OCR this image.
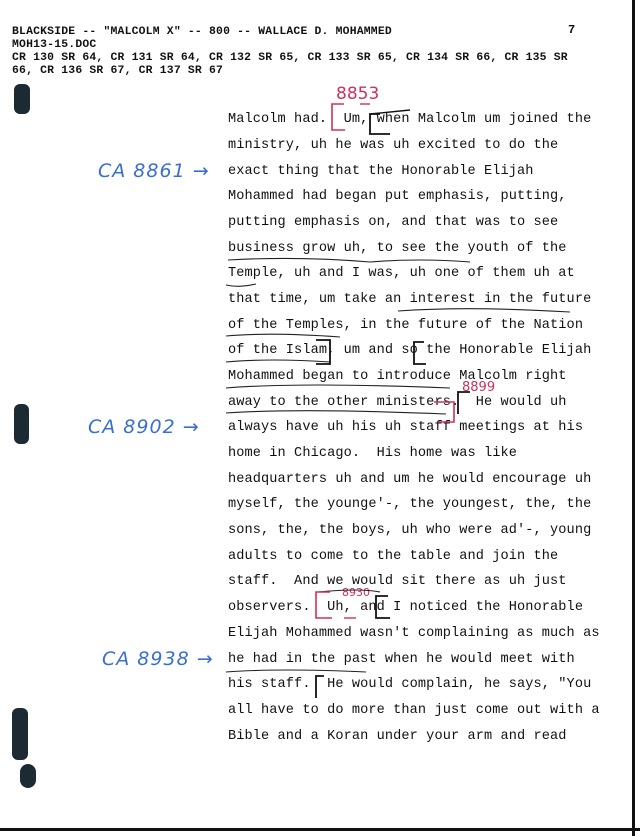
BLACKSIDE -- "MALCOLM X" -- 800 -- WALLACE D. MOHAMMED
MOH13-15.DOC
CR 130 SR 64, CR 131 SR 64, CR 132 SR 65, CR 133 SR 65, CR 134 SR 66, CR 135 SR
66, CR 136 SR 67, CR 137 SR 67
7
Malcolm had.  Um, when Malcolm um joined the
ministry, uh he was uh excited to do the
exact thing that the Honorable Elijah
Mohammed had began put emphasis, putting,
putting emphasis on, and that was to see
business grow uh, to see the youth of the
Temple, uh and I was, uh one of them uh at
that time, um take an interest in the future
of the Temples, in the future of the Nation
of the Islam, um and so the Honorable Elijah
Mohammed began to introduce Malcolm right
away to the other ministers.  He would uh
always have uh his uh staff meetings at his
home in Chicago.  His home was like
headquarters uh and um he would encourage uh
myself, the younge'-, the youngest, the, the
sons, the, the boys, uh who were ad'-, young
adults to come to the table and join the
staff.  And we would sit there as uh just
observers.  Uh, and I noticed the Honorable
Elijah Mohammed wasn't complaining as much as
he had in the past when he would meet with
his staff.  He would complain, he says, "You
all have to do more than just come out with a
Bible and a Koran under your arm and read
CA 8861 →
CA 8902 →
CA 8938 →
8853
8899
8930
